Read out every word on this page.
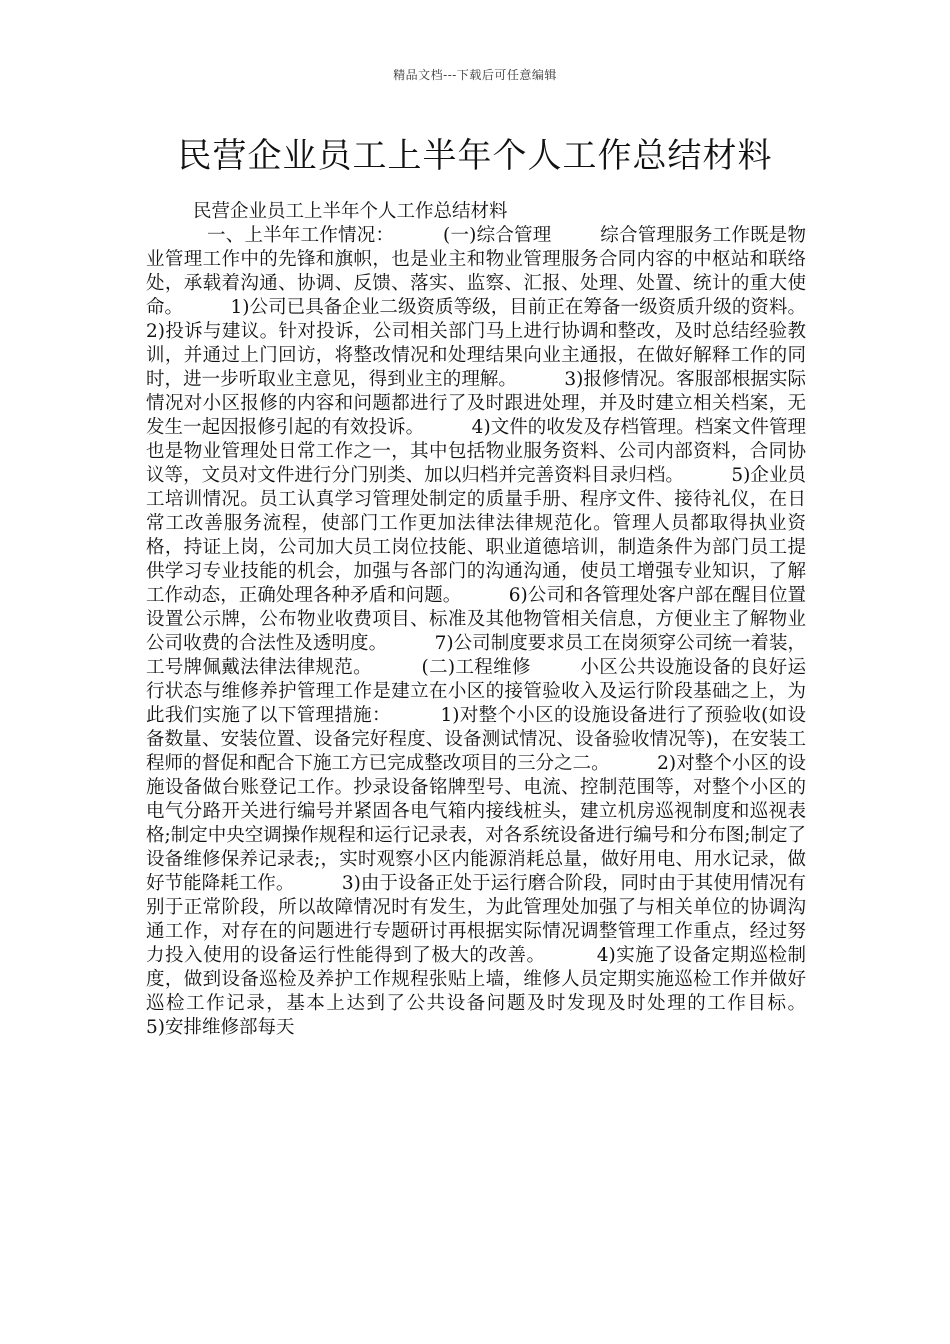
精品文档---下载后可任意编辑
民营企业员工上半年个人工作总结材料

民营企业员工上半年个人工作总结材料
一、上半年工作情况：        (一)综合管理        综合管理服务工作既是物业管理工作中的先锋和旗帜，也是业主和物业管理服务合同内容的中枢站和联络处，承载着沟通、协调、反馈、落实、监察、汇报、处理、处置、统计的重大使命。        1)公司已具备企业二级资质等级，目前正在筹备一级资质升级的资料。        2)投诉与建议。针对投诉，公司相关部门马上进行协调和整改，及时总结经验教训，并通过上门回访，将整改情况和处理结果向业主通报，在做好解释工作的同时，进一步听取业主意见，得到业主的理解。        3)报修情况。客服部根据实际情况对小区报修的内容和问题都进行了及时跟进处理，并及时建立相关档案，无发生一起因报修引起的有效投诉。        4)文件的收发及存档管理。档案文件管理也是物业管理处日常工作之一，其中包括物业服务资料、公司内部资料，合同协议等，文员对文件进行分门别类、加以归档并完善资料目录归档。        5)企业员工培训情况。员工认真学习管理处制定的质量手册、程序文件、接待礼仪，在日常工改善服务流程，使部门工作更加法律法律规范化。管理人员都取得执业资格，持证上岗，公司加大员工岗位技能、职业道德培训，制造条件为部门员工提供学习专业技能的机会，加强与各部门的沟通沟通，使员工增强专业知识，了解工作动态，正确处理各种矛盾和问题。        6)公司和各管理处客户部在醒目位置设置公示牌，公布物业收费项目、标准及其他物管相关信息，方便业主了解物业公司收费的合法性及透明度。        7)公司制度要求员工在岗须穿公司统一着装，工号牌佩戴法律法律规范。        (二)工程维修        小区公共设施设备的良好运行状态与维修养护管理工作是建立在小区的接管验收入及运行阶段基础之上，为此我们实施了以下管理措施：        1)对整个小区的设施设备进行了预验收(如设备数量、安装位置、设备完好程度、设备测试情况、设备验收情况等)，在安装工程师的督促和配合下施工方已完成整改项目的三分之二。        2)对整个小区的设施设备做台账登记工作。抄录设备铭牌型号、电流、控制范围等，对整个小区的电气分路开关进行编号并紧固各电气箱内接线桩头，建立机房巡视制度和巡视表格;制定中央空调操作规程和运行记录表，对各系统设备进行编号和分布图;制定了设备维修保养记录表;，实时观察小区内能源消耗总量，做好用电、用水记录，做好节能降耗工作。        3)由于设备正处于运行磨合阶段，同时由于其使用情况有别于正常阶段，所以故障情况时有发生，为此管理处加强了与相关单位的协调沟通工作，对存在的问题进行专题研讨再根据实际情况调整管理工作重点，经过努力投入使用的设备运行性能得到了极大的改善。        4)实施了设备定期巡检制度，做到设备巡检及养护工作规程张贴上墙，维修人员定期实施巡检工作并做好巡检工作记录，基本上达到了公共设备问题及时发现及时处理的工作目标。        5)安排维修部每天
